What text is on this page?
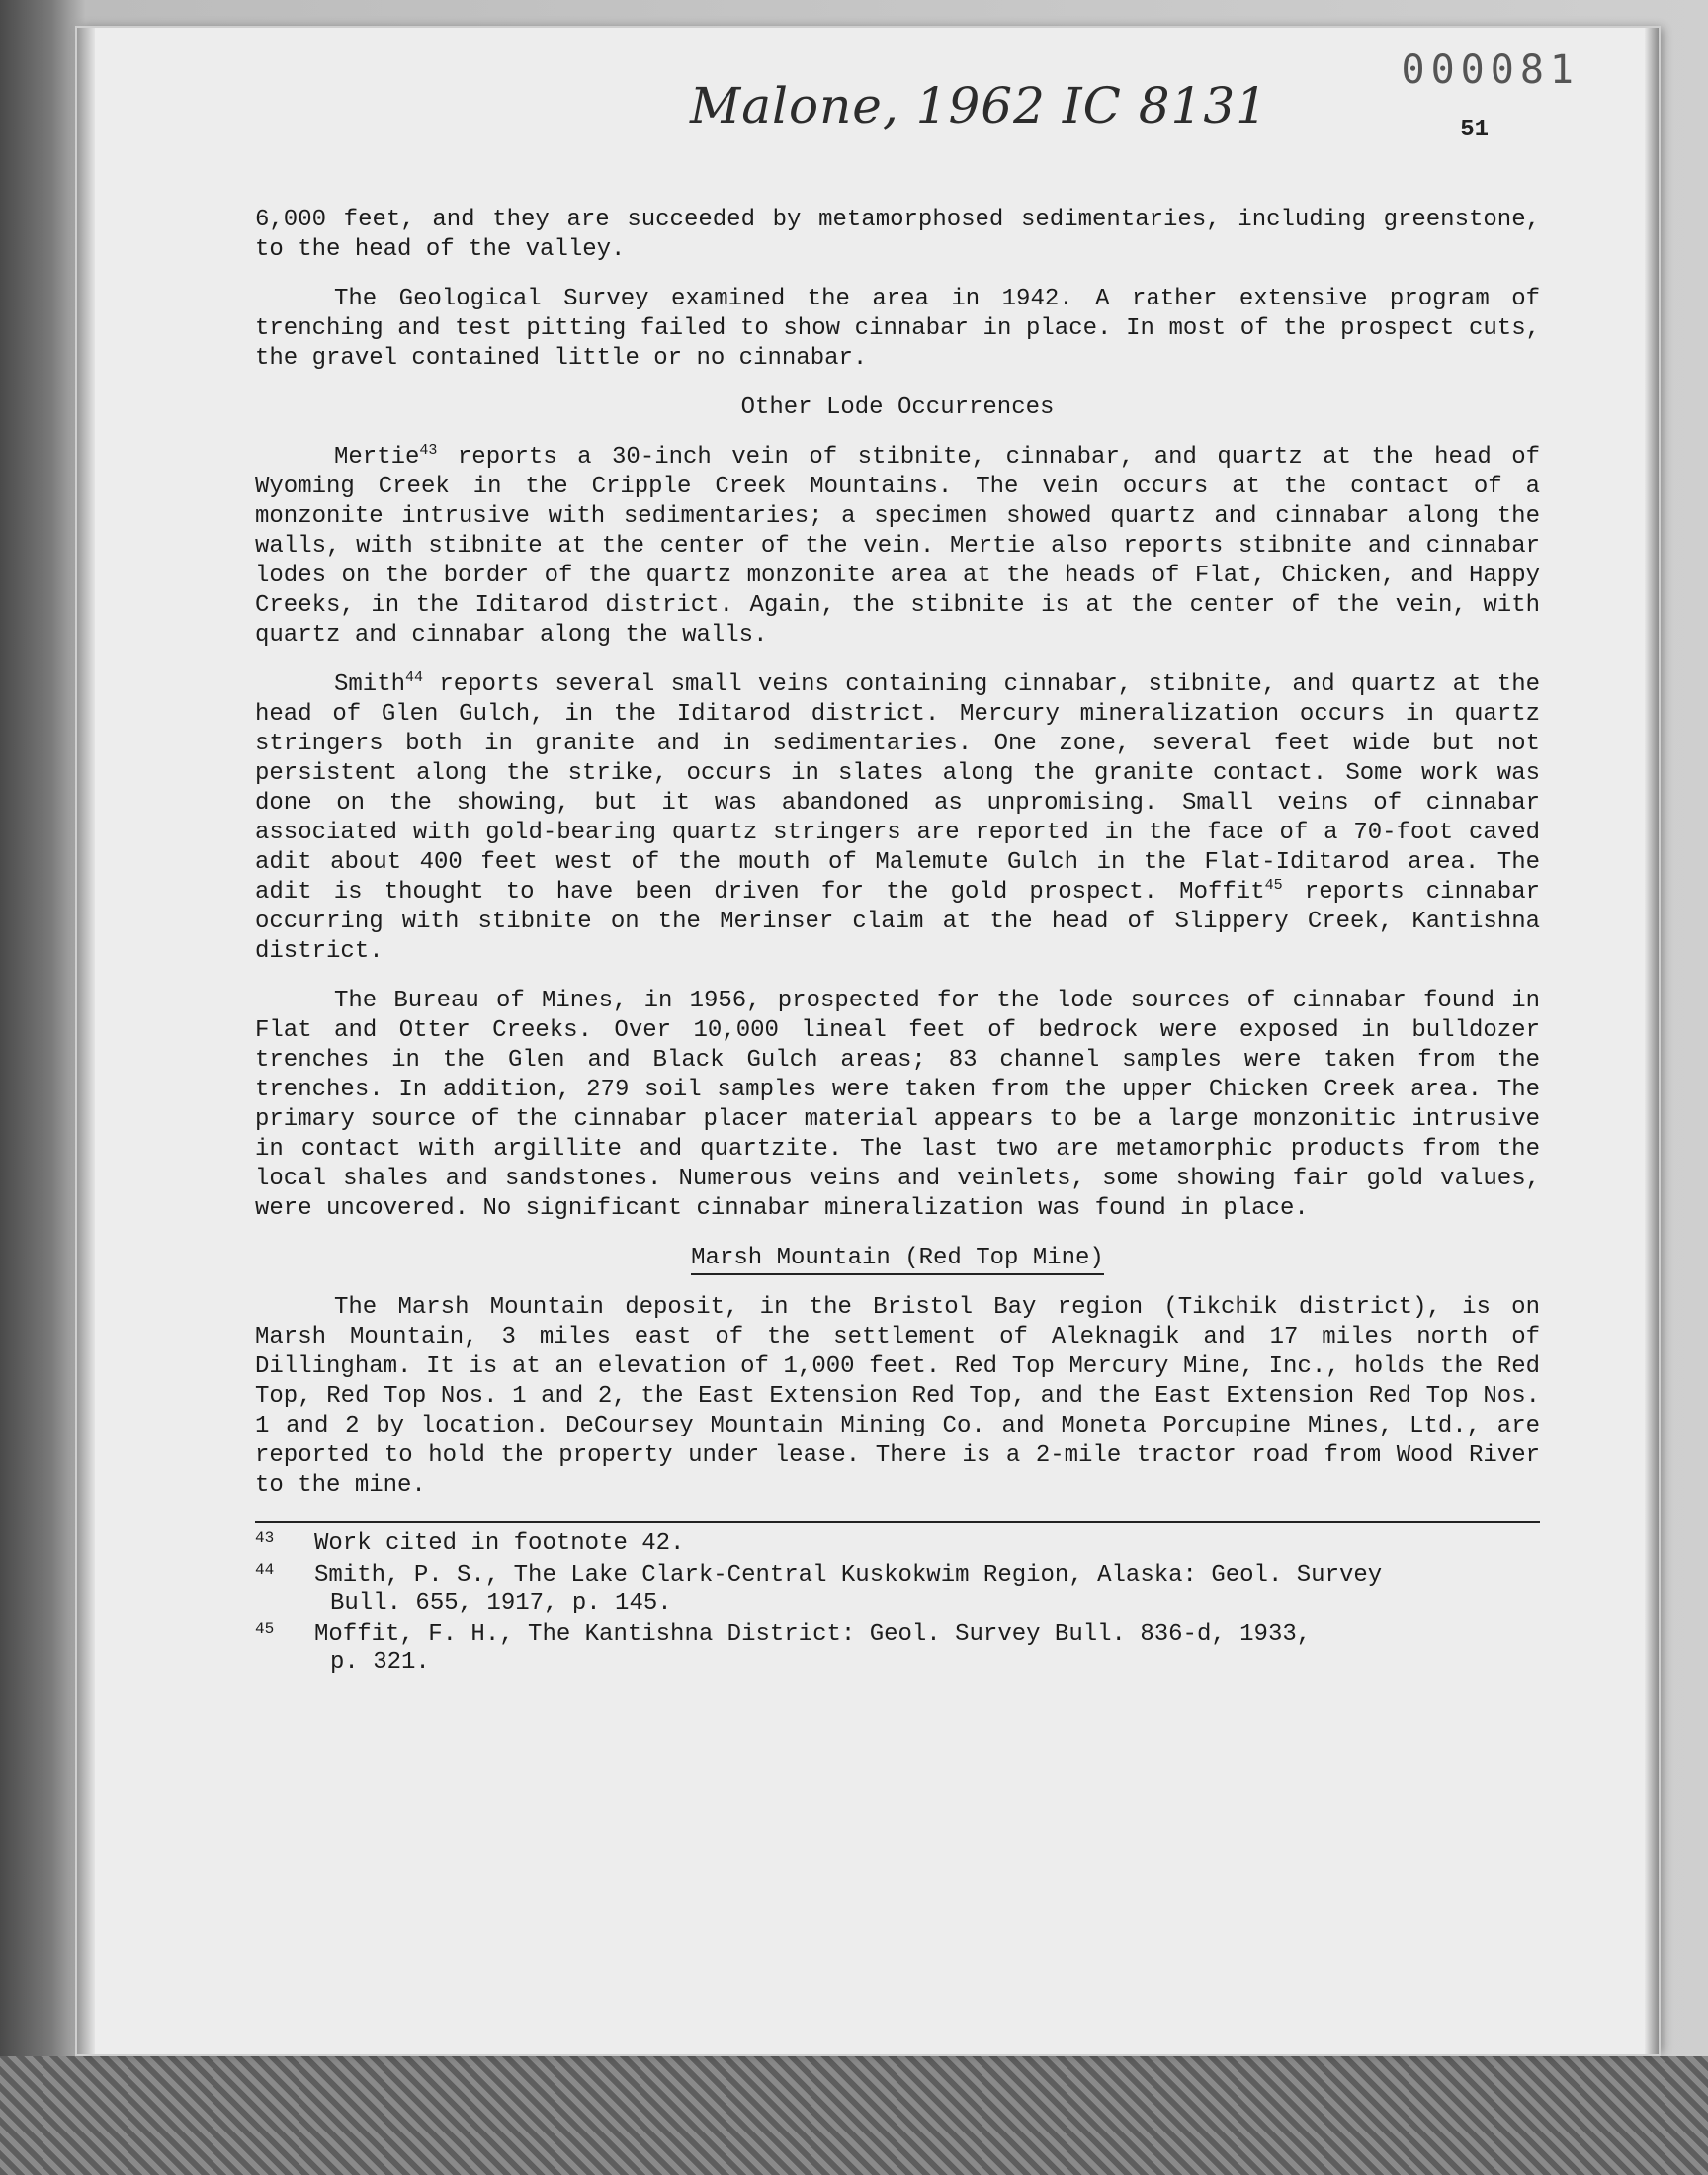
000081
Malone, 1962 IC 8131	51

6,000 feet, and they are succeeded by metamorphosed sedimentaries, including greenstone, to the head of the valley.

The Geological Survey examined the area in 1942. A rather extensive program of trenching and test pitting failed to show cinnabar in place. In most of the prospect cuts, the gravel contained little or no cinnabar.

Other Lode Occurrences

Mertie$^{43}$ reports a 30-inch vein of stibnite, cinnabar, and quartz at the head of Wyoming Creek in the Cripple Creek Mountains. The vein occurs at the contact of a monzonite intrusive with sedimentaries; a specimen showed quartz and cinnabar along the walls, with stibnite at the center of the vein. Mertie also reports stibnite and cinnabar lodes on the border of the quartz monzonite area at the heads of Flat, Chicken, and Happy Creeks, in the Iditarod district. Again, the stibnite is at the center of the vein, with quartz and cinnabar along the walls.

Smith$^{44}$ reports several small veins containing cinnabar, stibnite, and quartz at the head of Glen Gulch, in the Iditarod district. Mercury mineralization occurs in quartz stringers both in granite and in sedimentaries. One zone, several feet wide but not persistent along the strike, occurs in slates along the granite contact. Some work was done on the showing, but it was abandoned as unpromising. Small veins of cinnabar associated with gold-bearing quartz stringers are reported in the face of a 70-foot caved adit about 400 feet west of the mouth of Malemute Gulch in the Flat-Iditarod area. The adit is thought to have been driven for the gold prospect. Moffit$^{45}$ reports cinnabar occurring with stibnite on the Merinser claim at the head of Slippery Creek, Kantishna district.

The Bureau of Mines, in 1956, prospected for the lode sources of cinnabar found in Flat and Otter Creeks. Over 10,000 lineal feet of bedrock were exposed in bulldozer trenches in the Glen and Black Gulch areas; 83 channel samples were taken from the trenches. In addition, 279 soil samples were taken from the upper Chicken Creek area. The primary source of the cinnabar placer material appears to be a large monzonitic intrusive in contact with argillite and quartzite. The last two are metamorphic products from the local shales and sandstones. Numerous veins and veinlets, some showing fair gold values, were uncovered. No significant cinnabar mineralization was found in place.

Marsh Mountain (Red Top Mine)

The Marsh Mountain deposit, in the Bristol Bay region (Tikchik district), is on Marsh Mountain, 3 miles east of the settlement of Aleknagik and 17 miles north of Dillingham. It is at an elevation of 1,000 feet. Red Top Mercury Mine, Inc., holds the Red Top, Red Top Nos. 1 and 2, the East Extension Red Top, and the East Extension Red Top Nos. 1 and 2 by location. DeCoursey Mountain Mining Co. and Moneta Porcupine Mines, Ltd., are reported to hold the property under lease. There is a 2-mile tractor road from Wood River to the mine.

43 Work cited in footnote 42.
44 Smith, P. S., The Lake Clark-Central Kuskokwim Region, Alaska: Geol. Survey
Bull. 655, 1917, p. 145.
45 Moffit, F. H., The Kantishna District: Geol. Survey Bull. 836-d, 1933,
p. 321.
